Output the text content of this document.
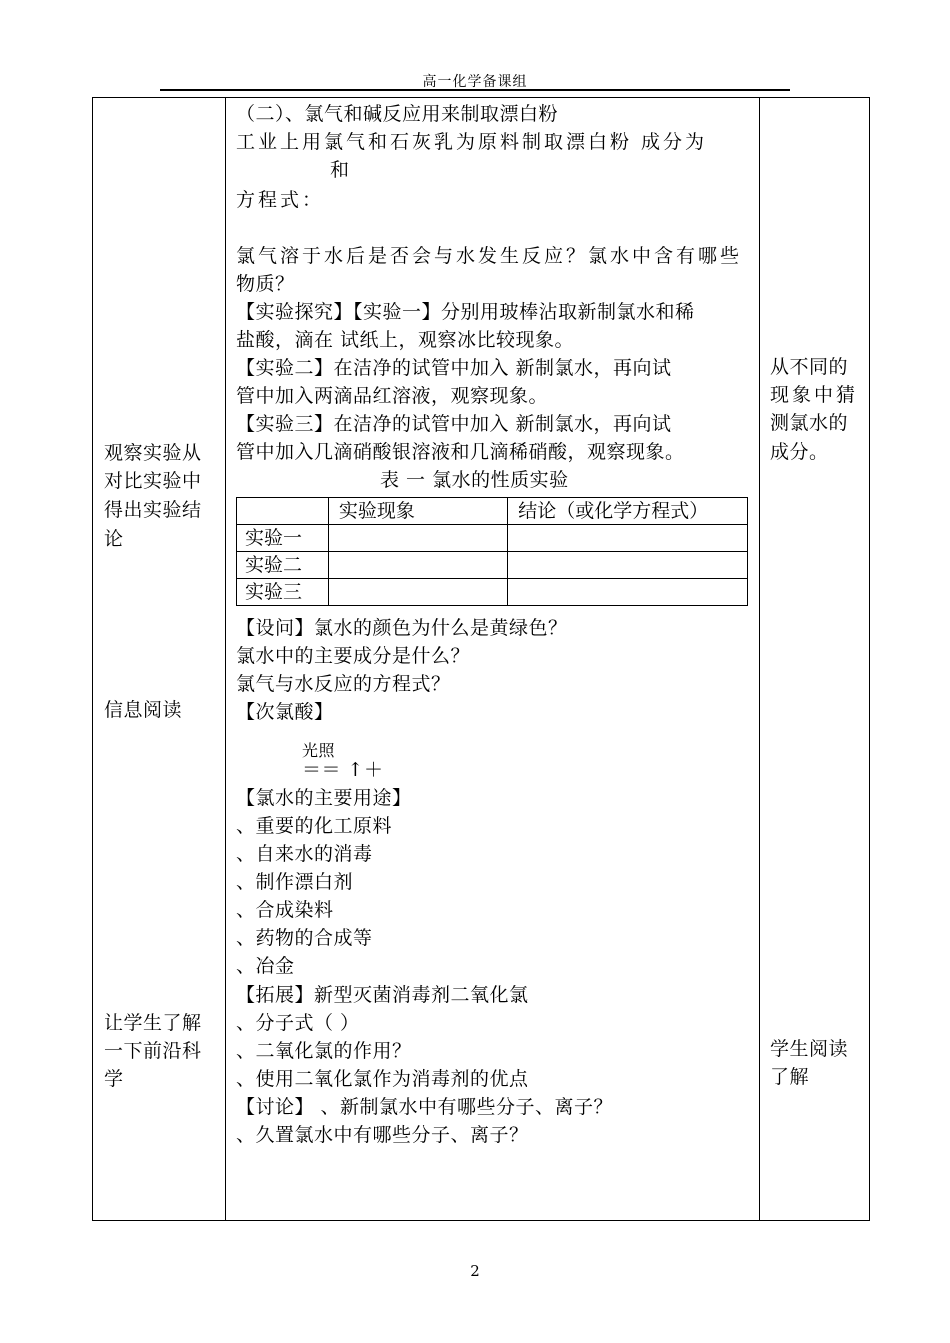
高一化学备课组
观察实验从
对比实验中
得出实验结
论
信息阅读
让学生了解
一下前沿科
学
（二）、氯气和碱反应用来制取漂白粉
工业上用氯气和石灰乳为原料制取漂白粉 成分为
和
方程式：
氯气溶于水后是否会与水发生反应？氯水中含有哪些
物质？
【实验探究】【实验一】分别用玻棒沾取新制氯水和稀
盐酸，滴在 试纸上，观察冰比较现象。
【实验二】在洁净的试管中加入 新制氯水，再向试
管中加入两滴品红溶液，观察现象。
【实验三】在洁净的试管中加入 新制氯水，再向试
管中加入几滴硝酸银溶液和几滴稀硝酸，观察现象。
表 一 氯水的性质实验
	实验现象	结论（或化学方程式）
实验一		
实验二		
实验三		
【设问】氯水的颜色为什么是黄绿色？
氯水中的主要成分是什么？
氯气与水反应的方程式？
【次氯酸】
光照
＝＝ ↑＋
【氯水的主要用途】
、重要的化工原料
、自来水的消毒
、制作漂白剂
、合成染料
、药物的合成等
、冶金
【拓展】新型灭菌消毒剂二氧化氯
、分子式（ ）
、二氧化氯的作用？
、使用二氧化氯作为消毒剂的优点
【讨论】 、新制氯水中有哪些分子、离子？
、久置氯水中有哪些分子、离子？
从不同的
现象中猜
测氯水的
成分。
学生阅读
了解
2
